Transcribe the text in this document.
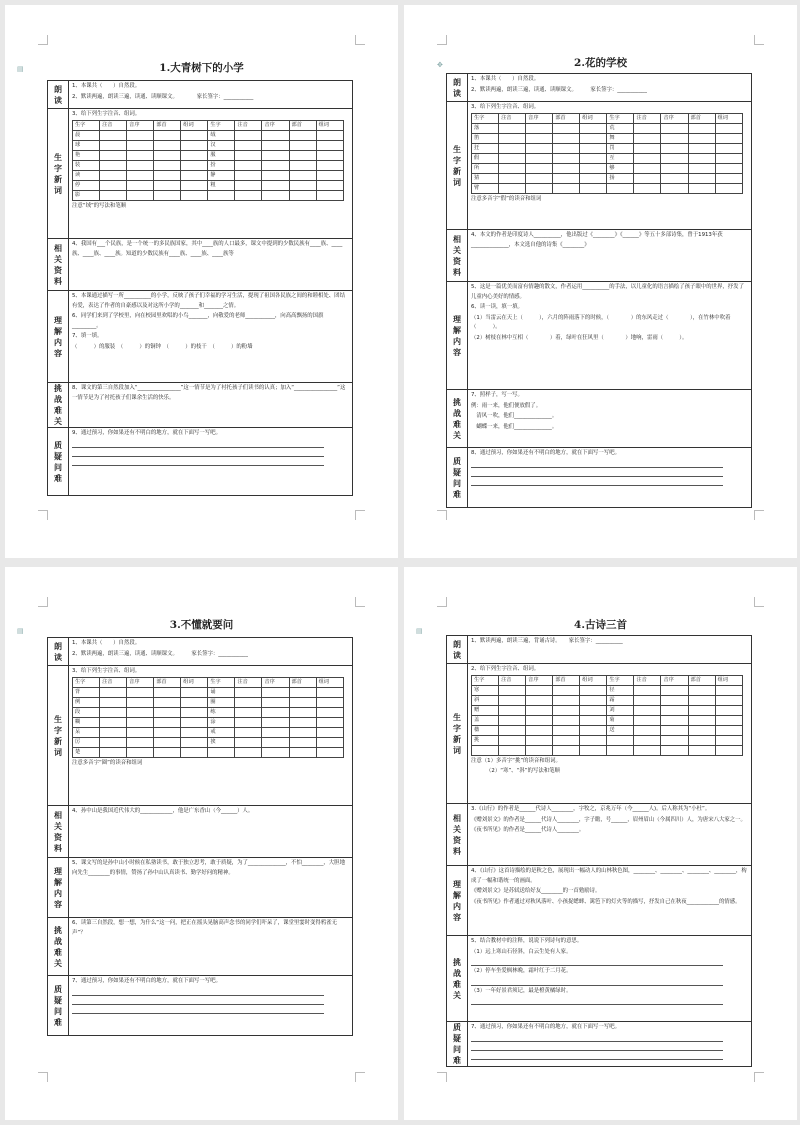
▤	1.大青树下的小学
朗
读

1、本课共（　　）自然段。
2、默读两遍，朗读三遍，读通、读顺课文。　　　　家长签字：___________

生
字
新
词

3、给下列生字注音、组词。
生字	注音	音序	部首	组词	生字	注音	音序	部首	组词
晨					绒				
球					汉				
艳					服				
装					扮				
读					静				
停					粗				
影									
注意“绒”的写法和笔顺

相
关
资
料

4、我国有___个民族，是一个统一的多民族国家，其中____族的人口最多，课文中提到的少数民族有____族、____族、____族、____族。知道的少数民族有____族、____族、____族等

理
解
内
容

5、本课通过描写一所__________的小学，反映了孩子们幸福的学习生活，提现了祖国各民族之间的和睦相处、团结有爱，表达了作者的自豪感以及对这所小学的_______和_______之情。
6、同学们来到了学校里，向在校园里欢唱的小鸟_______，向敬爱的老师___________，向高高飘扬的国旗_________。
7、填一填。
（　　　）的服装　（　　　）的铜钟　（　　　）的枝干　（　　　）的粉墙

挑
战
难
关

8、课文的第三自然段加入“________________”这一情节是为了衬托孩子们读书的认真；加入“________________”这一情节是为了衬托孩子们课余生活的快乐。

质
疑
问
难

9、通过预习，你如果还有不明白的地方，就在下面写一写吧。
✥	2.花的学校
朗
读

1、本课共（　　）自然段。
2、默读两遍，朗读三遍，读通、读顺课文。　　　家长签字：___________

生
字
新
词

3、给下列生字注音、组词。
生字	注音	音序	部首	组词	生字	注音	音序	部首	组词
落					荒				
笛					舞				
狂					罚				
假					互				
所					够				
猜					扬				
臂									
注意多音字“假”的读音和组词

相
关
资
料

4、本文的作者是印度诗人__________，他出版过《________》《______》等五十多部诗集，曾于1913年获______________，本文选自他的诗集《________》

理
解
内
容

5、这是一篇优美而富有情趣的散文，作者运用__________的手法，以儿童化的语言描绘了孩子眼中的世界，抒发了儿童内心美好的情感。
6、读一读，填一填。
（1）当雷云在天上（　　　），六月的阵雨落下的时候，（　　　　）的东风走过（　　　　），在竹林中吹着（　　　）。
（2）树枝在林中互相（　　　　）着，绿叶在狂风里（　　　　）地响，雷雨（　　　）。

挑
战
难
关

7、照样子，写一写。
例：雨一来，他们便放假了。
　清风一吹，他们______________。
　蝴蝶一来，他们______________。

质
疑
问
难

8、通过预习，你如果还有不明白的地方，就在下面写一写吧。
▤	3.不懂就要问
朗
读

1、本课共（　　）自然段。
2、默读两遍，朗读三遍，读通、读顺课文。　　　家长签字：___________

生
字
新
词

3、给下列生字注音、组词。
生字	注音	音序	部首	组词	生字	注音	音序	部首	组词
背					诵				
例					圈				
段					练				
糊					涂				
呆					戒				
厉					挨				
楚									
注意多音字“圈”的读音和组词

相
关
资
料

4、孙中山是我国近代伟大的____________，他是广东香山（今______）人。

理
解
内
容

5、课文写的是孙中山小时候在私塾读书，敢于独立思考，敢于质疑，为了______________，不怕________，大胆地向先生________的事情，赞扬了孙中山认真读书、勤学好问的精神。

挑
战
难
关

6、读第三自然段，想一想，为什么“这一问，把正在摇头晃脑高声念书的同学们吓呆了，课堂里霎时变得鸦雀无声”？

质
疑
问
难

7、通过预习，你如果还有不明白的地方，就在下面写一写吧。
▤	4.古诗三首
朗
读

1、默读两遍，朗读三遍，背诵古诗。　　家长签字：__________

生
字
新
词

2、给下列生字注音、组词。
生字	注音	音序	部首	组词	生字	注音	音序	部首	组词
寒					径				
斜					霜				
赠					刘				
盖					菊				
楹					送				
挑									

注意（1）多音字“挑”的读音和组词。
（2）“寒”、“斜”的写法和笔顺

相
关
资
料

3.《山行》的作者是______代诗人________，字牧之，京兆万年（今______人)。后人称其为“小杜”。
《赠刘景文》的作者是______代诗人________，字子瞻，号______，眉州眉山（今属四川）人，为唐宋八大家之一。
《夜书所见》的作者是______代诗人________。

理
解
内
容

4、《山行》这首诗描绘的是秋之色，展现出一幅动人的山林秋色图，________、________、________、________，构成了一幅和谐统一的画面。
《赠刘景文》是苏轼送给好友________的一首勉励诗。
《夜书所见》作者通过对秋风落叶、小孩捉蟋蟀、篱笆下的灯火等的描写，抒发自己在秋夜____________的情感。

挑
战
难
关

5、结合教材中的注释，说说下列诗句的意思。
（1）远上寒山石径斜，白云生处有人家。
（2）停车坐爱枫林晚，霜叶红于二月花。
（3）一年好景君须记，最是橙黄橘绿时。

质
疑
问
难

7、通过预习，你如果还有不明白的地方，就在下面写一写吧。
